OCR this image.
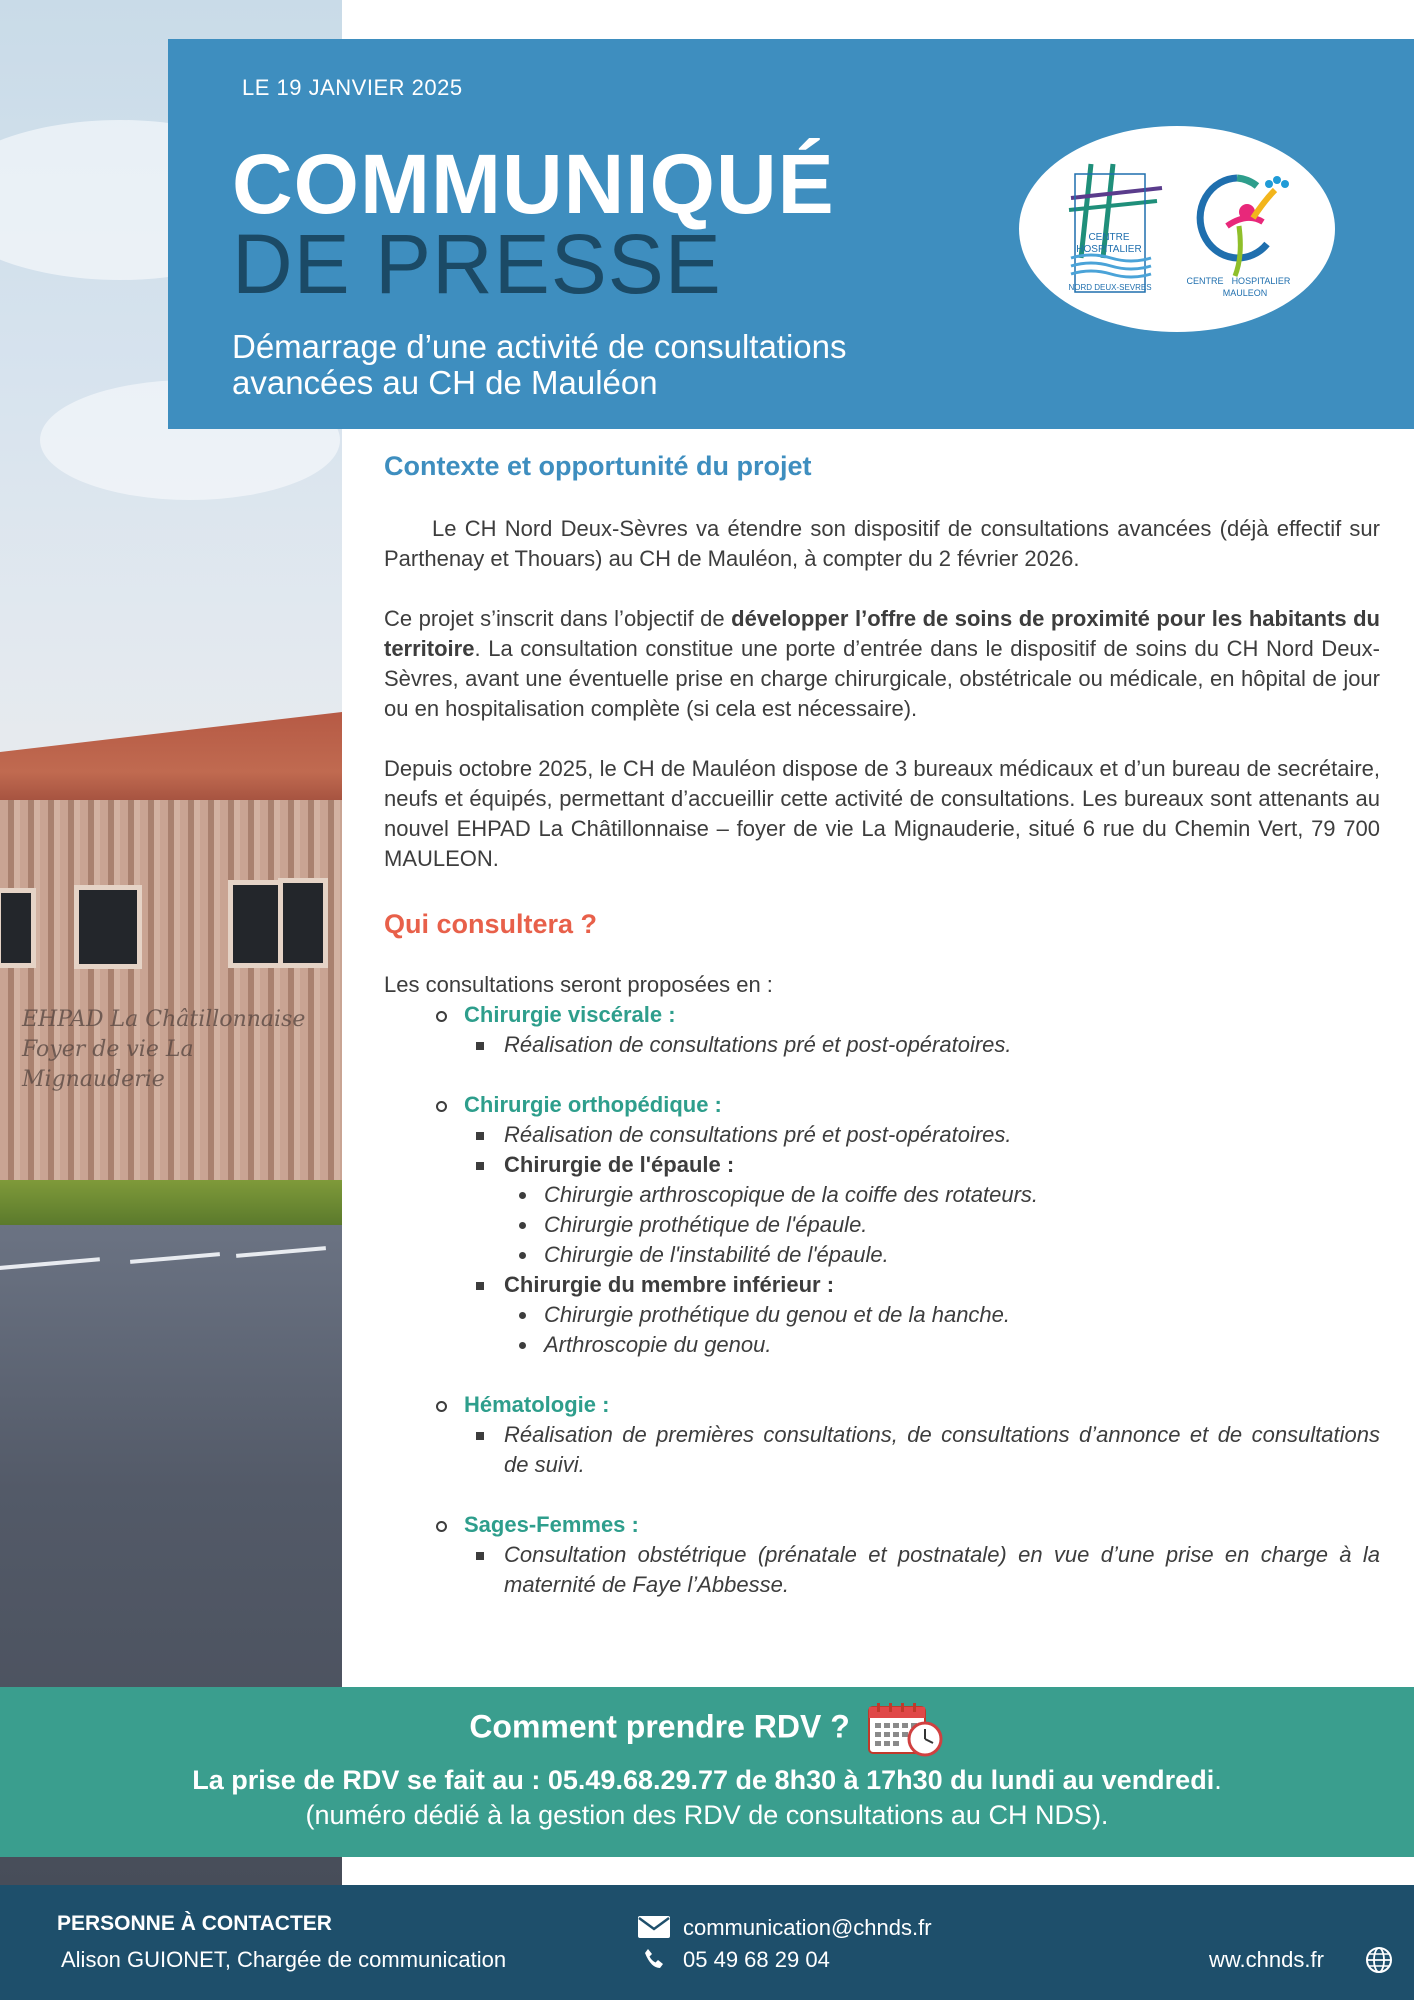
EHPAD La Châtillonnaise
Foyer de vie La Mignauderie
LE 19 JANVIER 2025
COMMUNIQUÉ
DE PRESSE
Démarrage d’une activité de consultations avancées au CH de Mauléon
CENTRE
HOSPITALIER
NORD DEUX-SEVRES
CENTRE HOSPITALIER
MAULEON
Contexte et opportunité du projet

Le CH Nord Deux-Sèvres va étendre son dispositif de consultations avancées (déjà effectif sur Parthenay et Thouars) au CH de Mauléon, à compter du 2 février 2026.

Ce projet s’inscrit dans l’objectif de développer l’offre de soins de proximité pour les habitants du territoire. La consultation constitue une porte d’entrée dans le dispositif de soins du CH Nord Deux-Sèvres, avant une éventuelle prise en charge chirurgicale, obstétricale ou médicale, en hôpital de jour ou en hospitalisation complète (si cela est nécessaire).

Depuis octobre 2025, le CH de Mauléon dispose de 3 bureaux médicaux et d’un bureau de secrétaire, neufs et équipés, permettant d’accueillir cette activité de consultations. Les bureaux sont attenants au nouvel EHPAD La Châtillonnaise – foyer de vie La Mignauderie, situé 6 rue du Chemin Vert, 79 700 MAULEON.

Qui consultera ?

Les consultations seront proposées en :

Chirurgie viscérale :
Réalisation de consultations pré et post-opératoires.
Chirurgie orthopédique :
Réalisation de consultations pré et post-opératoires.
Chirurgie de l'épaule :
Chirurgie arthroscopique de la coiffe des rotateurs.
Chirurgie prothétique de l'épaule.
Chirurgie de l'instabilité de l'épaule.
Chirurgie du membre inférieur :
Chirurgie prothétique du genou et de la hanche.
Arthroscopie du genou.
Hématologie :
Réalisation de premières consultations, de consultations d’annonce et de consultations de suivi.
Sages-Femmes :
Consultation obstétrique (prénatale et postnatale) en vue d’une prise en charge à la maternité de Faye l’Abbesse.
Comment prendre RDV ?
La prise de RDV se fait au : 05.49.68.29.77 de 8h30 à 17h30 du lundi au vendredi.
(numéro dédié à la gestion des RDV de consultations au CH NDS).
PERSONNE À CONTACTER
Alison GUIONET, Chargée de communication
communication@chnds.fr
05 49 68 29 04	ww.chnds.fr
